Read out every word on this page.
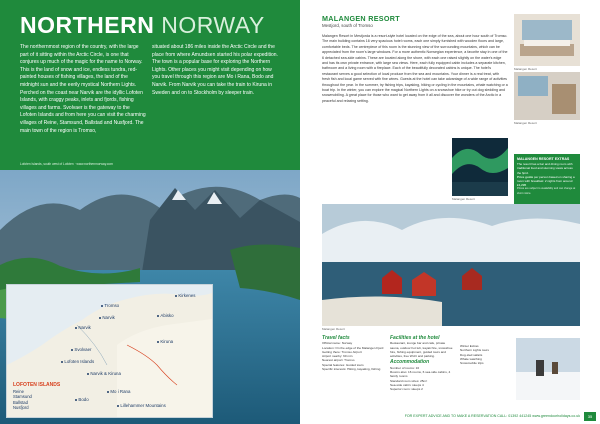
NORTHERN NORWAY
The northernmost region of the country, with the large part of it sitting within the Arctic Circle, is one that conjures up much of the magic for the name to Norway. This is the land of snow and ice, endless tundra, red-painted houses of fishing villages, the land of the midnight sun and the eerily mystical Northern Lights. Perched on the coast near Narvik are the idyllic Lofoten Islands, with craggy peaks, inlets and fjords, fishing villages and farms. Svolvaer is the gateway to the Lofoten Islands and from here you can visit the charming villages of Reine, Stamsund, Ballstad and Nusfjord. The main town of the region is Tromso,
situated about 186 miles inside the Arctic Circle and the place from where Amundsen started his polar expedition. The town is a popular base for exploring the Northern Lights. Other places you might visit depending on how you travel through this region are Mo i Rana, Bodo and Narvik. From Narvik you can take the train to Kiruna in Sweden and on to Stockholm by sleeper train.
Lofoten Islands, south west of Lofoten · www.northernnorway.com
LOFOTEN ISLANDS
Reine
Stamsund
Ballstad
Nusfjord
Tromso
Narvik
Kiruna
Abisko
Narvik
Svolvaer
Lofoten Islands
Narvik & Kiruna
Kirkenes
Mo i Rana
Bodo
Lillehammer Mountains
MALANGEN RESORT
Mestjord, south of Tromso
Malangen Resort in Mestjorda is a resort-style hotel located on the edge of the sea, about one hour south of Tromso. The main building contains 16 very spacious hotel rooms, each one simply furnished with wooden floors and large, comfortable beds. The centrepiece of this room is the stunning view of the surrounding mountains, which can be appreciated from the room's large windows. For a more authentic Norwegian experience, a favorite stay in one of the 6 detached sea-side cabins. These are located along the shore, with each one raised slightly on the water's edge and has its own private entrance, with large sea views. Here, each fully equipped cabin includes a separate kitchen, bathroom and a living room with a fireplace. Each of the beautifully decorated cabins is unique. The hotel's restaurant serves a good selection of local produce from the sea and mountains. Your dinner is a real treat, with fresh fish and local game served with fine wines. Guests at the hotel can take advantage of a wide range of activities throughout the year. In the summer, try fishing trips, kayaking, hiking or cycling in the mountains, whale watching or a boat trip. In the winter, you can explore the magical Northern Lights on a snowshoe hike or try out dog sledding and snowmobiling. A great place for those who want to get away from it all and discover the wonders of the Arctic in a peaceful and relaxing setting.
Malangen Resort
Malangen Resort
MALANGEN RESORT EXTRAS
The resort has a bar and dining room with traditional food and stunning views across the fjord.
Price guide per person based on sharing a room with breakfast: 2 nights from around £1,295
Prices are subject to availability and can change at short notice.
Malangen Resort
Malangen Resort
Travel facts
Official name: Norway
Location: On the edge of the Malangen Fjord
Getting there: Tromso Airport
Airport nearby: 60 min
Nearest airport: Tromso
Special features: Guided tours
Specific interests: Hiking, kayaking, fishing
Facilities at the hotel
Restaurant, lounge bar and cafe, private sauna, outdoor hot tub, kayak hire, snowshoe hire, fishing equipment, guided tours and activities, free Wi-Fi and parking.
Accommodation
Number of rooms: 16
Rooms also: 16 rooms, 6 sea-side cabins, 4 family rooms
Standard room sizes: 25m²
Sea-side cabin: sleeps 4
Superior room: sleeps 2
Winter Extras
Northern Lights tours
Dog-sled safaris
Whale watching
Snowmobile trips
FOR EXPERT ADVICE AND TO MAKE A RESERVATION CALL: 01392 441245 www.greendoorholidays.co.uk	35
